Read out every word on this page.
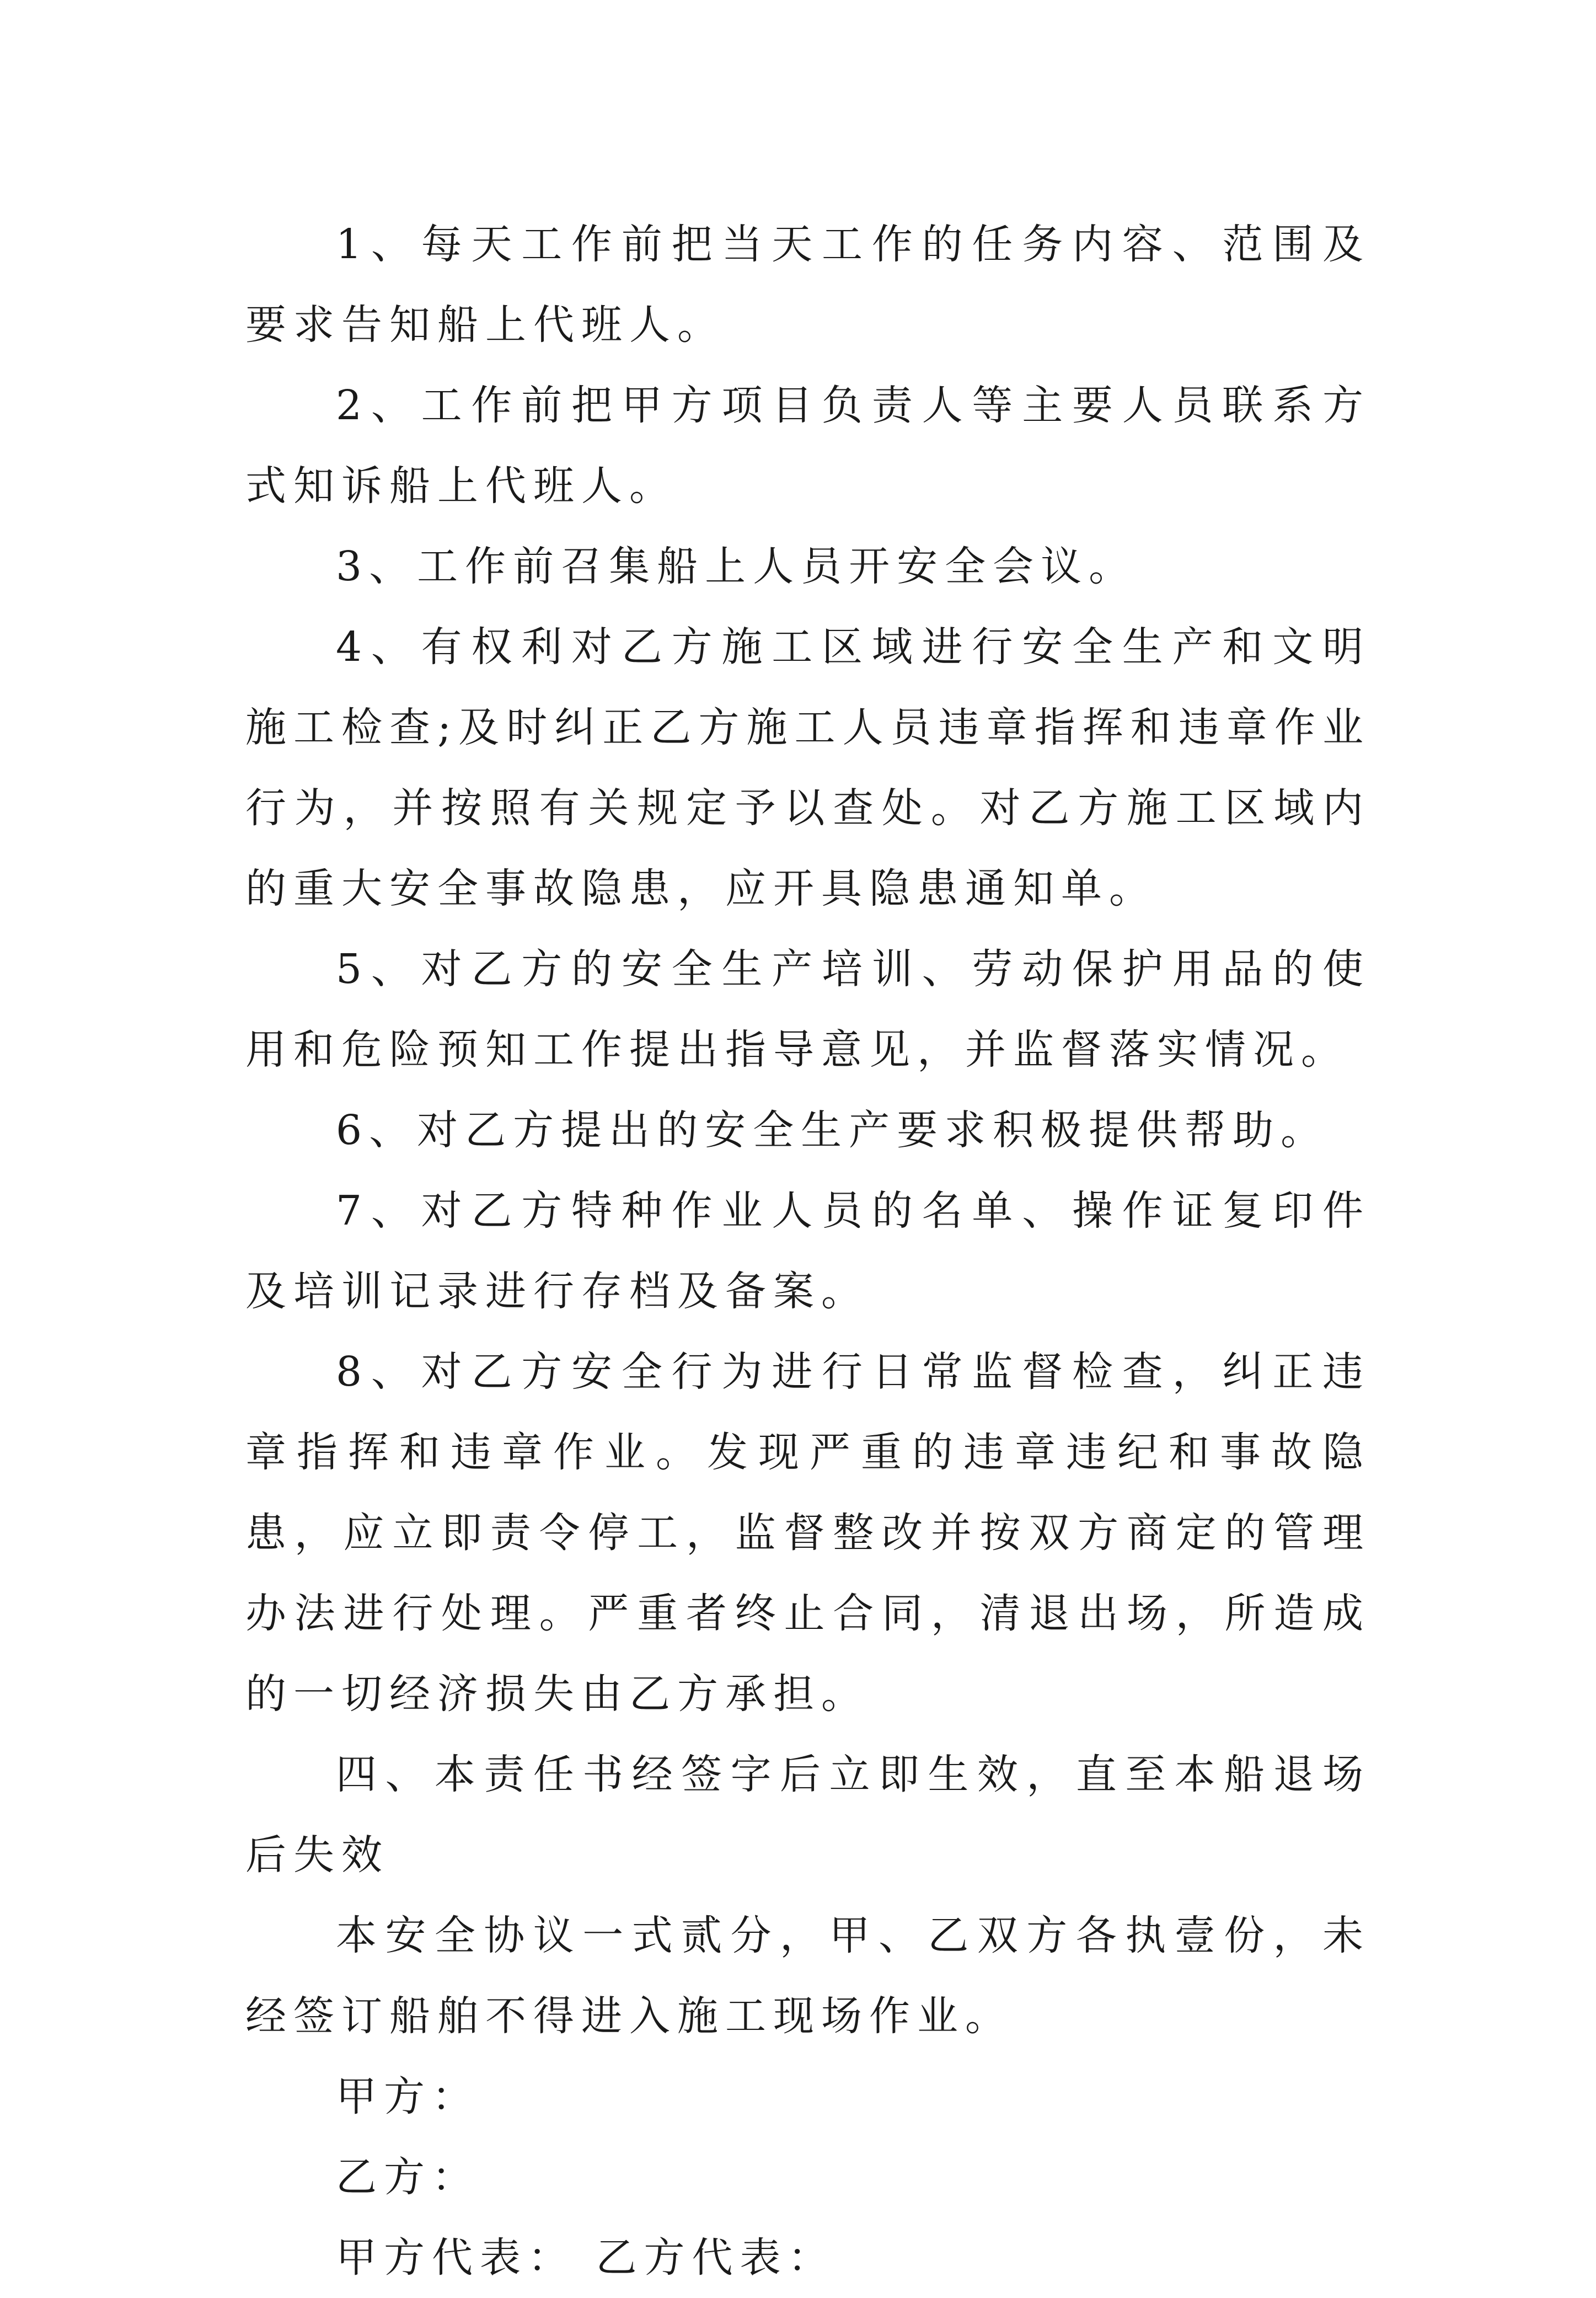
1、每天工作前把当天工作的任务内容、范围及要求告知船上代班人。

2、工作前把甲方项目负责人等主要人员联系方式知诉船上代班人。

3、工作前召集船上人员开安全会议。

4、有权利对乙方施工区域进行安全生产和文明施工检查;及时纠正乙方施工人员违章指挥和违章作业行为，并按照有关规定予以查处。对乙方施工区域内的重大安全事故隐患，应开具隐患通知单。

5、对乙方的安全生产培训、劳动保护用品的使用和危险预知工作提出指导意见，并监督落实情况。

6、对乙方提出的安全生产要求积极提供帮助。

7、对乙方特种作业人员的名单、操作证复印件及培训记录进行存档及备案。

8、对乙方安全行为进行日常监督检查，纠正违章指挥和违章作业。发现严重的违章违纪和事故隐患，应立即责令停工，监督整改并按双方商定的管理办法进行处理。严重者终止合同，清退出场，所造成的一切经济损失由乙方承担。

四、本责任书经签字后立即生效，直至本船退场后失效

本安全协议一式贰分，甲、乙双方各执壹份，未经签订船舶不得进入施工现场作业。

甲方：

乙方：

甲方代表： 乙方代表：
